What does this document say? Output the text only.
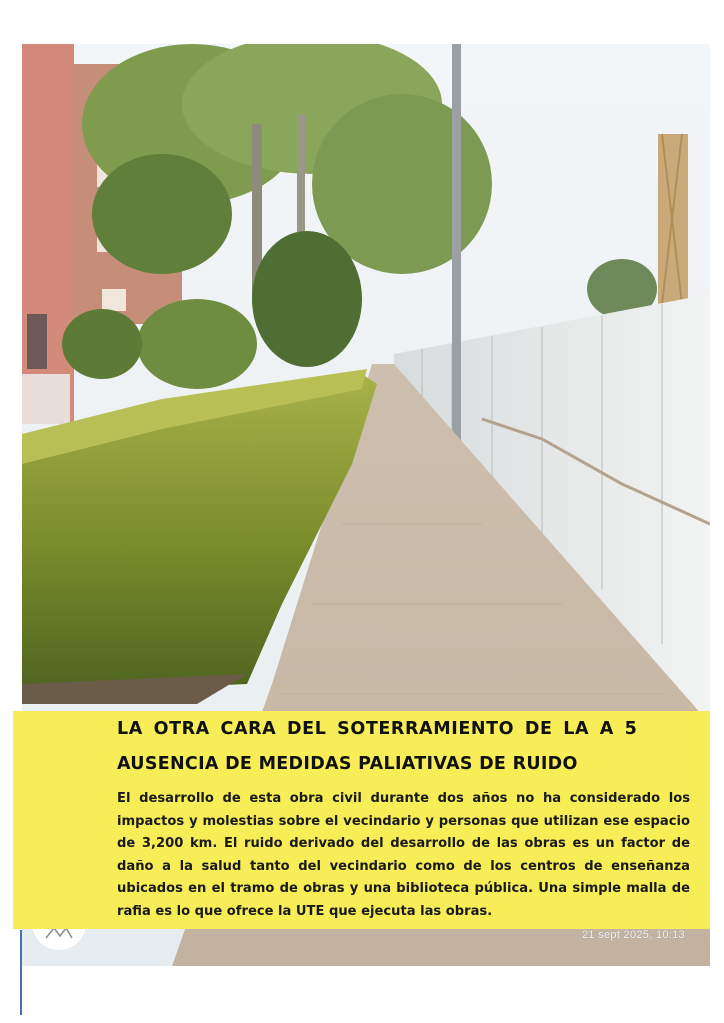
21 sept 2025, 10:13
LA OTRA CARA DEL SOTERRAMIENTO DE LA A 5
AUSENCIA DE MEDIDAS PALIATIVAS DE RUIDO
El desarrollo de esta obra civil durante dos años no ha considerado los impactos y molestias sobre el vecindario y personas que utilizan ese espacio de 3,200 km. El ruido derivado del desarrollo de las obras es un factor de daño a la salud tanto del vecindario como de los centros de enseñanza ubicados en el tramo de obras y una biblioteca pública. Una simple malla de rafia es lo que ofrece la UTE que ejecuta las obras.
